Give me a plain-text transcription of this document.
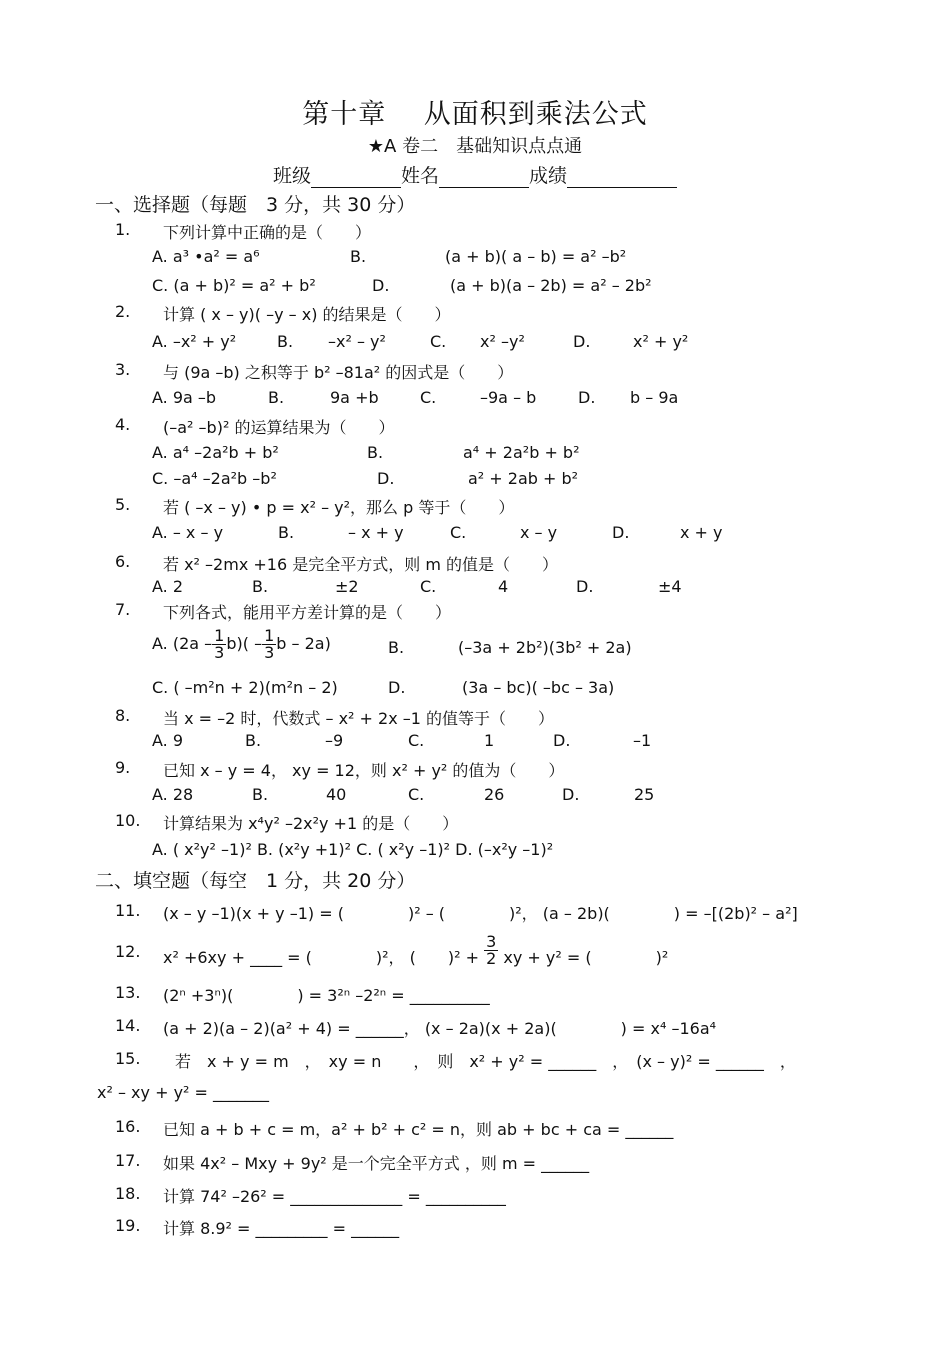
第十章　 从面积到乘法公式
★A 卷二　基础知识点点通
班级	姓名	成绩
一、选择题（每题　3 分，共 30 分）
1. 下列计算中正确的是（　　）
A. a³ •a² = a⁶	B.	(a + b)( a – b) = a² –b²
C. (a + b)² = a² + b²	D.	(a + b)(a – 2b) = a² – 2b²
2. 计算 ( x – y)( –y – x) 的结果是（　　）
A. –x² + y²	B. –x² – y²	C. x² –y²	D.	x² + y²
3. 与 (9a –b) 之积等于 b² –81a² 的因式是（　　）
A. 9a –b	B.	9a +b	C.	–9a – b	D. b – 9a
4. (–a² –b)² 的运算结果为（　　）
A. a⁴ –2a²b + b²	B.	a⁴ + 2a²b + b²
C. –a⁴ –2a²b –b²	D.	a² + 2ab + b²
5. 若 ( –x – y) • p = x² – y²，那么 p 等于（　　）
A. – x – y	B.	– x + y	C.	x – y	D.	x + y
6. 若 x² –2mx +16 是完全平方式，则 m 的值是（　　）
A. 2	B.	±2	C.	4	D.	±4
7. 下列各式，能用平方差计算的是（　　）
A. $(2a - \frac{1}{3} b)( - \frac{1}{3}$ b – 2a)	B.	(–3a + 2b²)(3b² + 2a)
C. ( –m²n + 2)(m²n – 2)	D.	(3a – bc)( –bc – 3a)
8. 当 x = –2 时，代数式 – x² + 2x –1 的值等于（　　）
A. 9	B.	–9	C.	1	D.	–1
9. 已知 x – y = 4， xy = 12，则 x² + y² 的值为（　　）
A. 28	B.	40	C.	26	D.	25
10. 计算结果为 x⁴y² –2x²y +1 的是（　　）
A. ( x²y² –1)² B. (x²y +1)² C. ( x²y –1)² D. (–x²y –1)²
二、填空题（每空　1 分，共 20 分）
11. (x – y –1)(x + y –1) = (　　　　)² – (　　　　)²， (a – 2b)(　　　　) = –[(2b)² – a²]
12. x² +6xy + ____ = (　　　　)²， (　　)$^2 + \frac{3}{2}$ xy + y² = (　　　　)²
13. (2ⁿ +3ⁿ)(　　　　) = 3²ⁿ –2²ⁿ = __________
14. (a + 2)(a – 2)(a² + 4) = ______， (x – 2a)(x + 2a)(　　　　) = x⁴ –16a⁴
15. 若　x + y = m　，　xy = n　　，　则　x² + y² = ______　，　(x – y)² = ______　，
x² – xy + y² = _______
16. 已知 a + b + c = m，a² + b² + c² = n，则 ab + bc + ca = ______
17. 如果 4x² – Mxy + 9y² 是一个完全平方式 ，则 m = ______
18. 计算 74² –26² = ______________ = __________
19. 计算 8.9² = _________ = ______
